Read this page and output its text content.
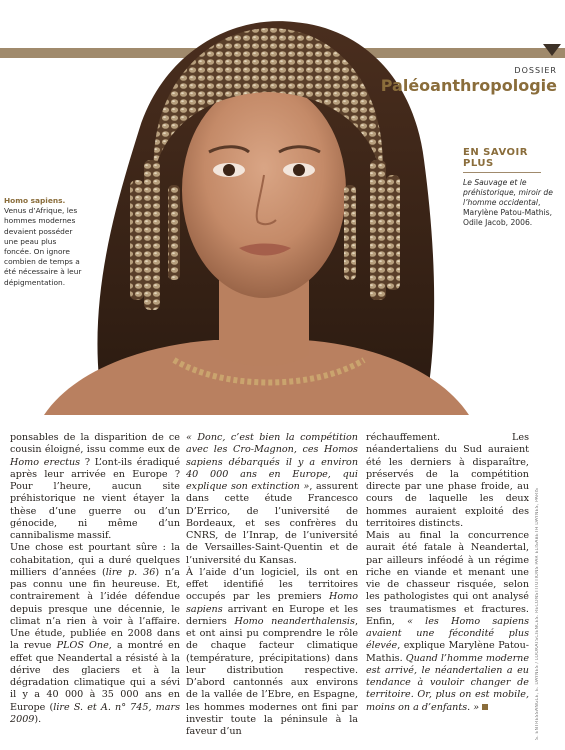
DOSSIER
Paléoanthropologie
Homo sapiens.
Venus d’Afrique, les hommes modernes devaient posséder une peau plus foncée. On ignore combien de temps a été nécessaire à leur dépigmentation.
EN SAVOIR PLUS
Le Sauvage et le préhistorique, miroir de l’homme occidental, Marylène Patou-Mathis, Odile Jacob, 2006.

ponsables de la disparition de ce cousin éloigné, issu comme eux de Homo erectus ? L’ont-ils éradiqué après leur arrivée en Europe ? Pour l’heure, aucun site préhistorique ne vient étayer la thèse d’une guerre ou d’un génocide, ni même d’un cannibalisme massif.

Une chose est pourtant sûre : la cohabitation, qui a duré quelques milliers d’années (lire p. 36) n’a pas connu une fin heureuse. Et, contrairement à l’idée défendue depuis presque une décennie, le climat n’a rien à voir à l’affaire. Une étude, publiée en 2008 dans la revue PLOS One, a montré en effet que Neandertal a résisté à la dérive des glaciers et à la dégradation climatique qui a sévi il y a 40 000 à 35 000 ans en Europe (lire S. et A. n° 745, mars 2009).

« Donc, c’est bien la compétition avec les Cro-Magnon, ces Homos sapiens débarqués il y a environ 40 000 ans en Europe, qui explique son extinction », assurent dans cette étude Francesco D’Errico, de l’université de Bordeaux, et ses confrères du CNRS, de l’Inrap, de l’université de Versailles-Saint-Quentin et de l’université du Kansas.

À l’aide d’un logiciel, ils ont en effet identifié les territoires occupés par les premiers Homo sapiens arrivant en Europe et les derniers Homo neanderthalensis, et ont ainsi pu comprendre le rôle de chaque facteur climatique (température, précipitations) dans leur distribution respective. D’abord cantonnés aux environs de la vallée de l’Ebre, en Espagne, les hommes modernes ont fini par investir toute la péninsule à la faveur d’un

réchauffement. Les néandertaliens du Sud auraient été les derniers à disparaître, préservés de la compétition directe par une phase froide, au cours de laquelle les deux hommes auraient exploité des territoires distincts.

Mais au final la concurrence aurait été fatale à Neandertal, par ailleurs inféodé à un régime riche en viande et menant une vie de chasseur risquée, selon les pathologistes qui ont analysé ses traumatismes et fractures. Enfin, « les Homo sapiens avaient une fécondité plus élevée, explique Marylène Patou-Mathis. Quand l’homme moderne est arrivé, le néandertalien a eu tendance à vouloir changer de territoire. Or, plus on est mobile, moins on a d’enfants. »	S. ENTRESSANGLE, E. DAYNES / LOOKATSCIENCES. RECONSTITUTIONS PAR ELISABETH DAYNES, PARIS
